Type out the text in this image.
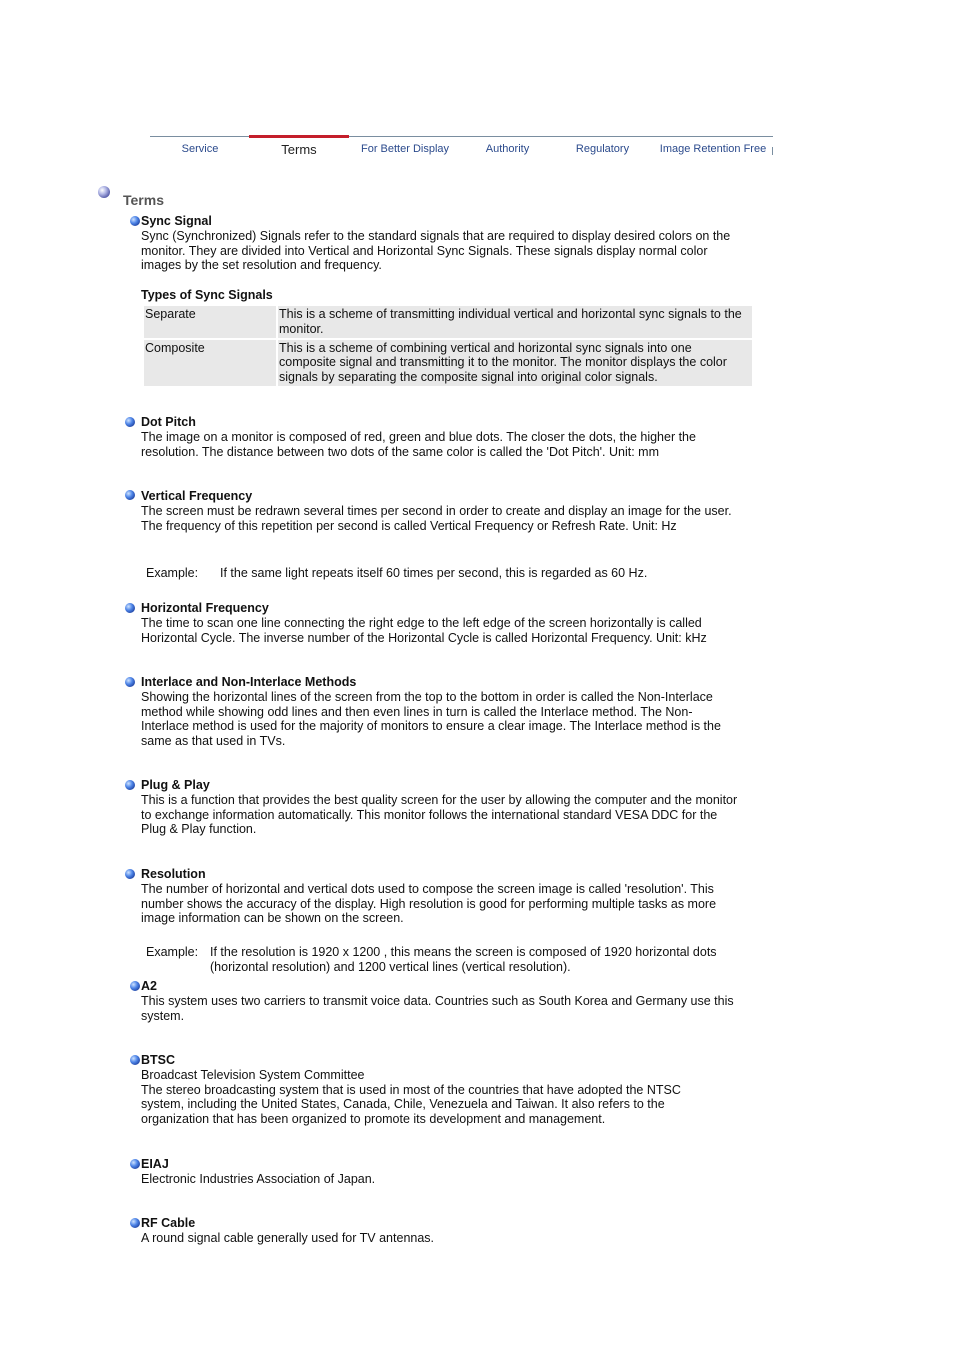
Service	Terms	For Better Display	Authority	Regulatory	Image Retention Free
Terms
Sync Signal
Sync (Synchronized) Signals refer to the standard signals that are required to display desired colors on the monitor. They are divided into Vertical and Horizontal Sync Signals. These signals display normal color images by the set resolution and frequency.
Types of Sync Signals
Separate	This is a scheme of transmitting individual vertical and horizontal sync signals to the monitor.
Composite	This is a scheme of combining vertical and horizontal sync signals into one composite signal and transmitting it to the monitor. The monitor displays the color signals by separating the composite signal into original color signals.
Dot Pitch
The image on a monitor is composed of red, green and blue dots. The closer the dots, the higher the resolution. The distance between two dots of the same color is called the 'Dot Pitch'. Unit: mm
Vertical Frequency
The screen must be redrawn several times per second in order to create and display an image for the user. The frequency of this repetition per second is called Vertical Frequency or Refresh Rate. Unit: Hz
Example: If the same light repeats itself 60 times per second, this is regarded as 60 Hz.
Horizontal Frequency
The time to scan one line connecting the right edge to the left edge of the screen horizontally is called Horizontal Cycle. The inverse number of the Horizontal Cycle is called Horizontal Frequency. Unit: kHz
Interlace and Non-Interlace Methods
Showing the horizontal lines of the screen from the top to the bottom in order is called the Non-Interlace method while showing odd lines and then even lines in turn is called the Interlace method. The Non-Interlace method is used for the majority of monitors to ensure a clear image. The Interlace method is the same as that used in TVs.
Plug & Play
This is a function that provides the best quality screen for the user by allowing the computer and the monitor to exchange information automatically. This monitor follows the international standard VESA DDC for the Plug & Play function.
Resolution
The number of horizontal and vertical dots used to compose the screen image is called 'resolution'. This number shows the accuracy of the display. High resolution is good for performing multiple tasks as more image information can be shown on the screen.
Example: If the resolution is 1920 x 1200 , this means the screen is composed of 1920 horizontal dots (horizontal resolution) and 1200 vertical lines (vertical resolution).
A2
This system uses two carriers to transmit voice data. Countries such as South Korea and Germany use this system.
BTSC
Broadcast Television System Committee
The stereo broadcasting system that is used in most of the countries that have adopted the NTSC system, including the United States, Canada, Chile, Venezuela and Taiwan. It also refers to the organization that has been organized to promote its development and management.
EIAJ
Electronic Industries Association of Japan.
RF Cable
A round signal cable generally used for TV antennas.
